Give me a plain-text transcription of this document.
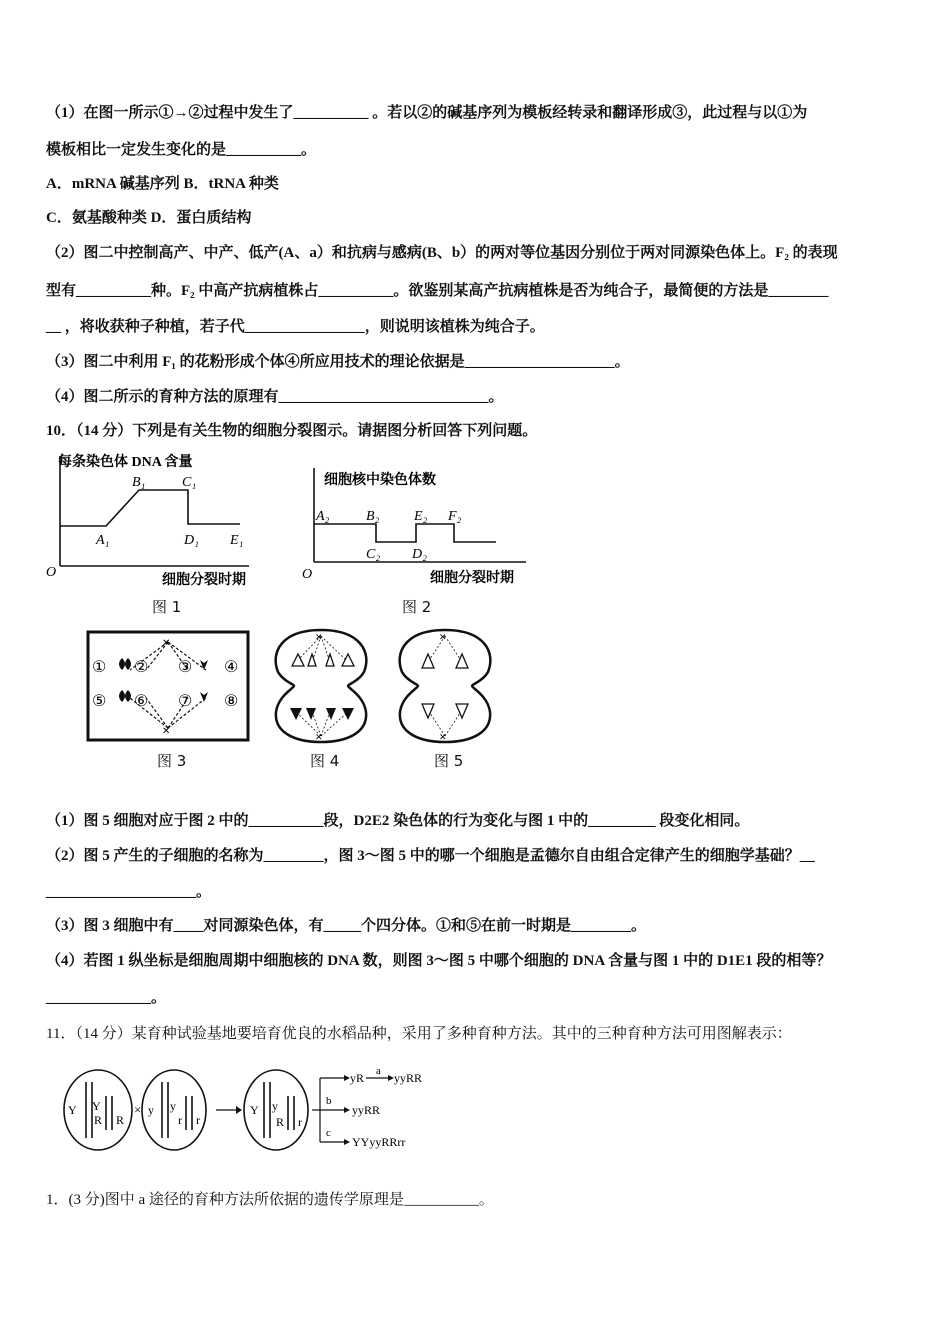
（1）在图一所示①→②过程中发生了__________ 。若以②的碱基序列为模板经转录和翻译形成③，此过程与以①为
模板相比一定发生变化的是__________。
A．mRNA 碱基序列 B．tRNA 种类
C．氨基酸种类 D．蛋白质结构
（2）图二中控制高产、中产、低产(A、a）和抗病与感病(B、b）的两对等位基因分别位于两对同源染色体上。F₂ 的表现
型有__________种。F₂ 中高产抗病植株占__________。欲鉴别某高产抗病植株是否为纯合子，最简便的方法是________
__ ，将收获种子种植，若子代________________，则说明该植株为纯合子。
（3）图二中利用 F₁ 的花粉形成个体④所应用技术的理论依据是____________________。
（4）图二所示的育种方法的原理有____________________________。
10．（14 分）下列是有关生物的细胞分裂图示。请据图分析回答下列问题。
每条染色体 DNA 含量
O
A₁
B₁	C₁
D₁ E₁
细胞分裂时期
图 1
细胞核中染色体数
O
A₂	B₂
C₂ D₂
E₂ F₂
细胞分裂时期
图 2
✕
✕
① ② ③ ④
⑤ ⑥ ⑦ ⑧
图 3
✕
✕
图 4
✕
✕
图 5
（1）图 5 细胞对应于图 2 中的__________段，D2E2 染色体的行为变化与图 1 中的_________ 段变化相同。
（2）图 5 产生的子细胞的名称为________，图 3～图 5 中的哪一个细胞是孟德尔自由组合定律产生的细胞学基础？__
____________________。
（3）图 3 细胞中有____对同源染色体，有_____个四分体。①和⑤在前一时期是________。
（4）若图 1 纵坐标是细胞周期中细胞核的 DNA 数，则图 3～图 5 中哪个细胞的 DNA 含量与图 1 中的 D1E1 段的相等？
______________。
11．（14 分）某育种试验基地要培育优良的水稻品种，采用了多种育种方法。其中的三种育种方法可用图解表示：
Y Y
R R
× y y
r r
Y y
R r
yR a yyRR
b
yyRR
c
YYyyRRrr
1．(3 分)图中 a 途径的育种方法所依据的遗传学原理是__________。
